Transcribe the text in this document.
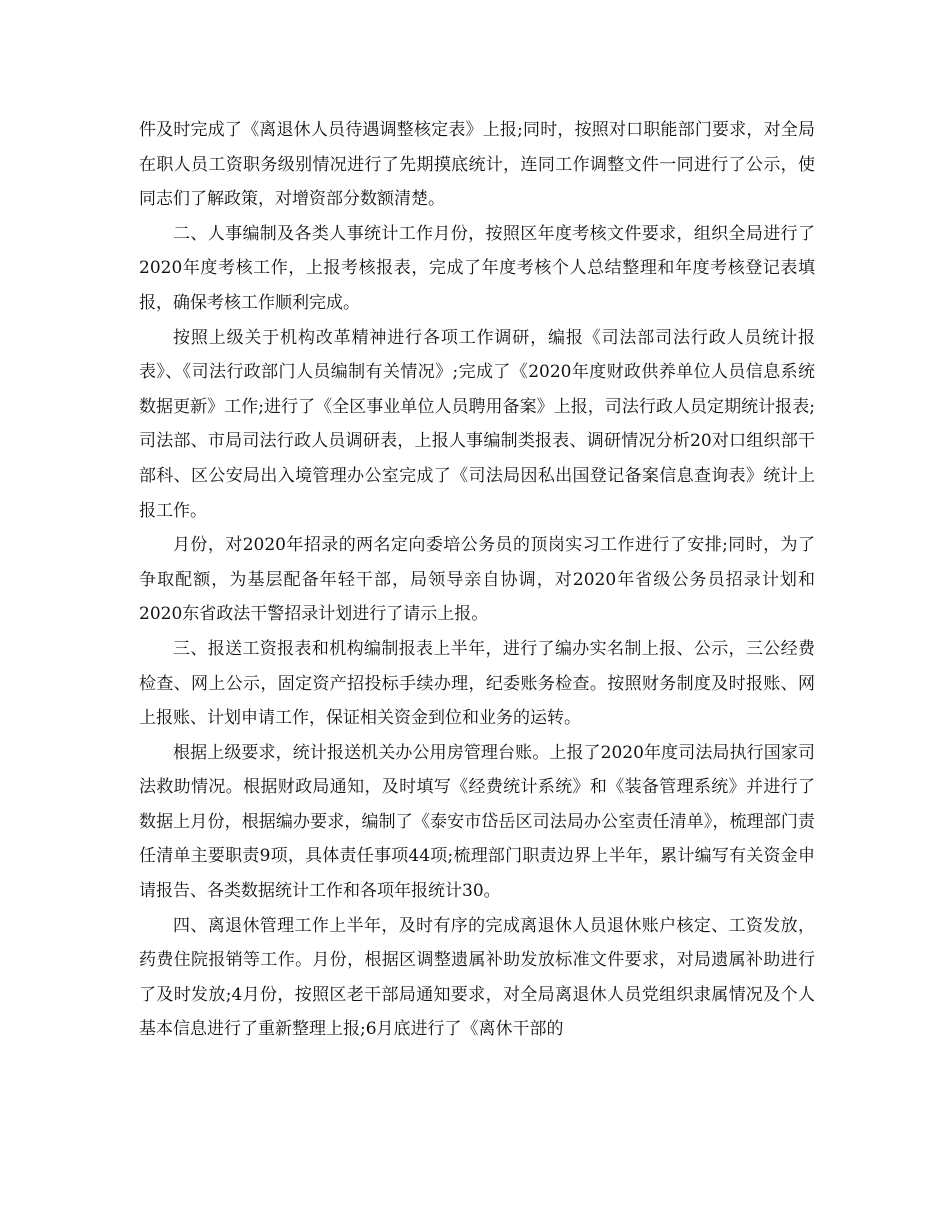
件及时完成了《离退休人员待遇调整核定表》上报;同时，按照对口职能部门要求，对全局在职人员工资职务级别情况进行了先期摸底统计，连同工作调整文件一同进行了公示，使同志们了解政策，对增资部分数额清楚。

二、人事编制及各类人事统计工作月份，按照区年度考核文件要求，组织全局进行了2020年度考核工作，上报考核报表，完成了年度考核个人总结整理和年度考核登记表填报，确保考核工作顺利完成。

按照上级关于机构改革精神进行各项工作调研，编报《司法部司法行政人员统计报表》、《司法行政部门人员编制有关情况》;完成了《2020年度财政供养单位人员信息系统数据更新》工作;进行了《全区事业单位人员聘用备案》上报，司法行政人员定期统计报表;司法部、市局司法行政人员调研表，上报人事编制类报表、调研情况分析20对口组织部干部科、区公安局出入境管理办公室完成了《司法局因私出国登记备案信息查询表》统计上报工作。

月份，对2020年招录的两名定向委培公务员的顶岗实习工作进行了安排;同时，为了争取配额，为基层配备年轻干部，局领导亲自协调，对2020年省级公务员招录计划和2020东省政法干警招录计划进行了请示上报。

三、报送工资报表和机构编制报表上半年，进行了编办实名制上报、公示，三公经费检查、网上公示，固定资产招投标手续办理，纪委账务检查。按照财务制度及时报账、网上报账、计划申请工作，保证相关资金到位和业务的运转。

根据上级要求，统计报送机关办公用房管理台账。上报了2020年度司法局执行国家司法救助情况。根据财政局通知，及时填写《经费统计系统》和《装备管理系统》并进行了数据上月份，根据编办要求，编制了《泰安市岱岳区司法局办公室责任清单》，梳理部门责任清单主要职责9项，具体责任事项44项;梳理部门职责边界上半年，累计编写有关资金申请报告、各类数据统计工作和各项年报统计30。

四、离退休管理工作上半年，及时有序的完成离退休人员退休账户核定、工资发放，药费住院报销等工作。月份，根据区调整遗属补助发放标准文件要求，对局遗属补助进行了及时发放;4月份，按照区老干部局通知要求，对全局离退休人员党组织隶属情况及个人基本信息进行了重新整理上报;6月底进行了《离休干部的
